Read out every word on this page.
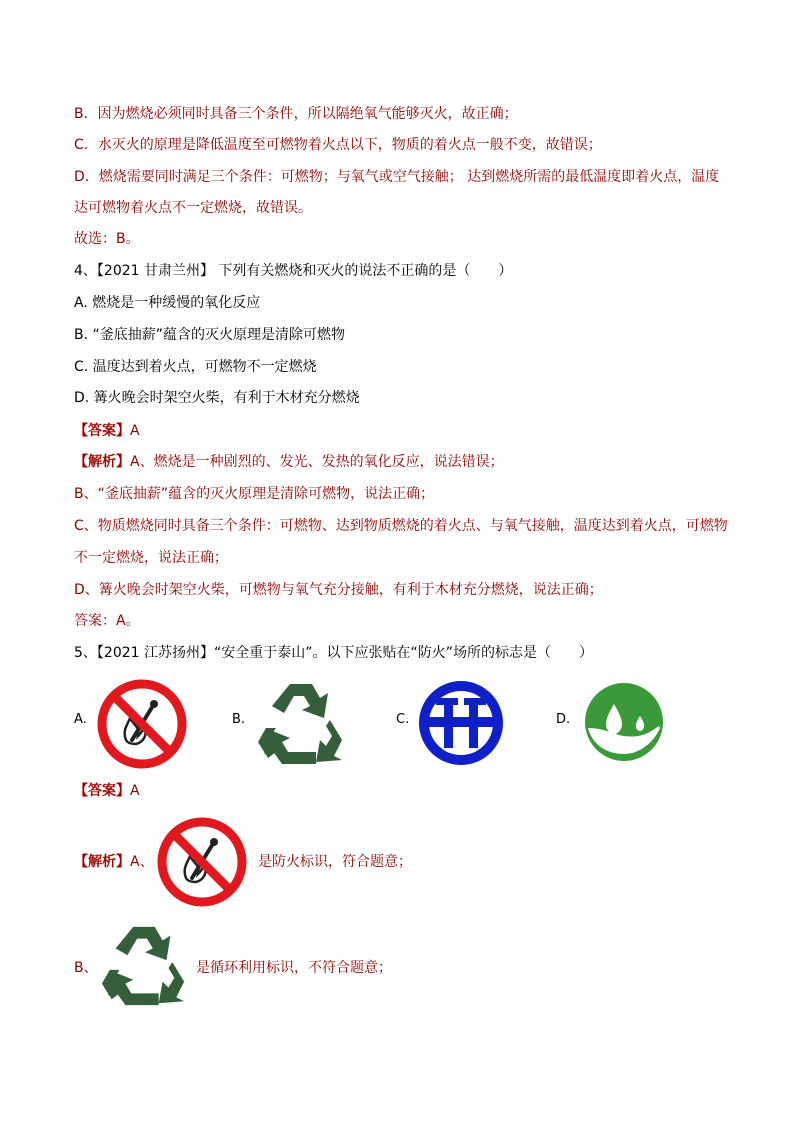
B．因为燃烧必须同时具备三个条件，所以隔绝氧气能够灭火，故正确；
C．水灭火的原理是降低温度至可燃物着火点以下，物质的着火点一般不变，故错误；
D．燃烧需要同时满足三个条件：可燃物；与氧气或空气接触； 达到燃烧所需的最低温度即着火点，温度
达可燃物着火点不一定燃烧，故错误。
故选：B。
4、【2021 甘肃兰州】 下列有关燃烧和灭火的说法不正确的是（　　）
A. 燃烧是一种缓慢的氧化反应
B. “釜底抽薪”蕴含的灭火原理是清除可燃物
C. 温度达到着火点，可燃物不一定燃烧
D. 篝火晚会时架空火柴，有利于木材充分燃烧
【答案】A
【解析】A、燃烧是一种剧烈的、发光、发热的氧化反应，说法错误；
B、“釜底抽薪”蕴含的灭火原理是清除可燃物，说法正确；
C、物质燃烧同时具备三个条件：可燃物、达到物质燃烧的着火点、与氧气接触，温度达到着火点，可燃物
不一定燃烧，说法正确；
D、篝火晚会时架空火柴，可燃物与氧气充分接触，有利于木材充分燃烧，说法正确；
答案：A。
5、【2021 江苏扬州】“安全重于泰山”。以下应张贴在“防火”场所的标志是（　　）
A.	B.	C.	D.
【答案】A
【解析】A、	是防火标识，符合题意；
B、	是循环利用标识，不符合题意；
